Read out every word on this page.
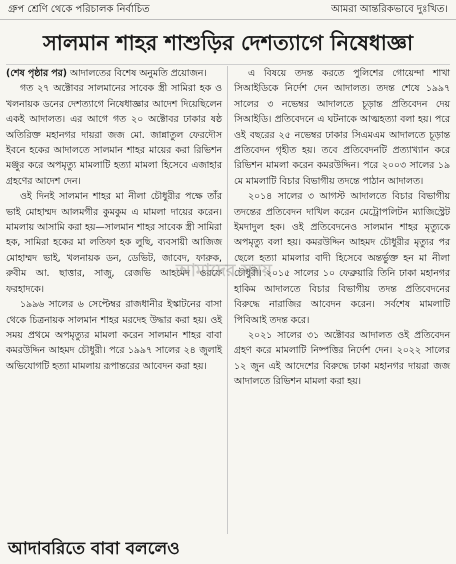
গ্রুপ শ্রেণি থেকে পরিচালক নির্বাচিত	আমরা আন্তরিকভাবে দুঃখিত।
সালমান শাহর শাশুড়ির দেশত্যাগে নিষেধাজ্ঞা

(শেষ পৃষ্ঠার পর) আদালতের বিশেষ অনুমতি প্রয়োজন।

গত ২৭ অক্টোবর সালমানের সাবেক স্ত্রী সামিরা হক ও খলনায়ক ডনের দেশত্যাগে নিষেধাজ্ঞার আদেশ দিয়েছিলেন একই আদালত। এর আগে গত ২০ অক্টোবর ঢাকার ষষ্ঠ অতিরিক্ত মহানগর দায়রা জজ মো. জান্নাতুল ফেরদৌস ইবনে হকের আদালতে সালমান শাহর মায়ের করা রিভিশন মঞ্জুর করে অপমৃত্যু মামলাটি হত্যা মামলা হিসেবে এজাহার গ্রহণের আদেশ দেন।

ওই দিনই সালমান শাহর মা নীলা চৌধুরীর পক্ষে তাঁর ভাই মোহাম্মদ আলমগীর কুমকুম এ মামলা দায়ের করেন। মামলায় আসামি করা হয়—সালমান শাহর সাবেক স্ত্রী সামিরা হক, সামিরা হকের মা লতিফা হক লুছি, ব্যবসায়ী আজিজ মোহাম্মদ ভাই, খলনায়ক ডন, ডেভিট, জাবেদ, ফারুক, রুবীম আ. ছাত্তার, সাজু, রেজভি আহমেদ ওরফে ফরহাদকে।

১৯৯৬ সালের ৬ সেপ্টেম্বর রাজধানীর ইস্কাটনের বাসা থেকে চিত্রনায়ক সালমান শাহর মরদেহ উদ্ধার করা হয়। ওই সময় প্রথমে অপমৃত্যুর মামলা করেন সালমান শাহর বাবা কমরউদ্দিন আহমদ চৌধুরী। পরে ১৯৯৭ সালের ২৪ জুলাই অভিযোগটি হত্যা মামলায় রূপান্তরের আবেদন করা হয়।

এ বিষয়ে তদন্ত করতে পুলিশের গোয়েন্দা শাখা সিআইডিকে নির্দেশ দেন আদালত। তদন্ত শেষে ১৯৯৭ সালের ৩ নভেম্বর আদালতে চূড়ান্ত প্রতিবেদন দেয় সিআইডি। প্রতিবেদনে এ ঘটনাকে আত্মহত্যা বলা হয়। পরে ওই বছরের ২৫ নভেম্বর ঢাকার সিএমএম আদালতে চূড়ান্ত প্রতিবেদন গৃহীত হয়। তবে প্রতিবেদনটি প্রত্যাখ্যান করে রিভিশন মামলা করেন কমরউদ্দিন। পরে ২০০৩ সালের ১৯ মে মামলাটি বিচার বিভাগীয় তদন্তে পাঠান আদালত।

২০১৪ সালের ৩ আগস্ট আদালতে বিচার বিভাগীয় তদন্তের প্রতিবেদন দাখিল করেন মেট্রোপলিটন ম্যাজিস্ট্রেট ইমদাদুল হক। ওই প্রতিবেদনেও সালমান শাহর মৃত্যুকে অপমৃত্যু বলা হয়। কমরউদ্দিন আহমদ চৌধুরীর মৃত্যুর পর ছেলে হত্যা মামলার বাদী হিসেবে অন্তর্ভুক্ত হন মা নীলা চৌধুরী। ২০১৫ সালের ১০ ফেব্রুয়ারি তিনি ঢাকা মহানগর হাকিম আদালতে বিচার বিভাগীয় তদন্ত প্রতিবেদনের বিরুদ্ধে নারাজির আবেদন করেন। সর্বশেষ মামলাটি পিবিআই তদন্ত করে।

২০২১ সালের ৩১ অক্টোবর আদালত ওই প্রতিবেদন গ্রহণ করে মামলাটি নিষ্পত্তির নির্দেশ দেন। ২০২২ সালের ১২ জুন এই আদেশের বিরুদ্ধে ঢাকা মহানগর দায়রা জজ আদালতে রিভিশন মামলা করা হয়।

আমাদের সময়
আদাবরিতে বাবা বললেও
